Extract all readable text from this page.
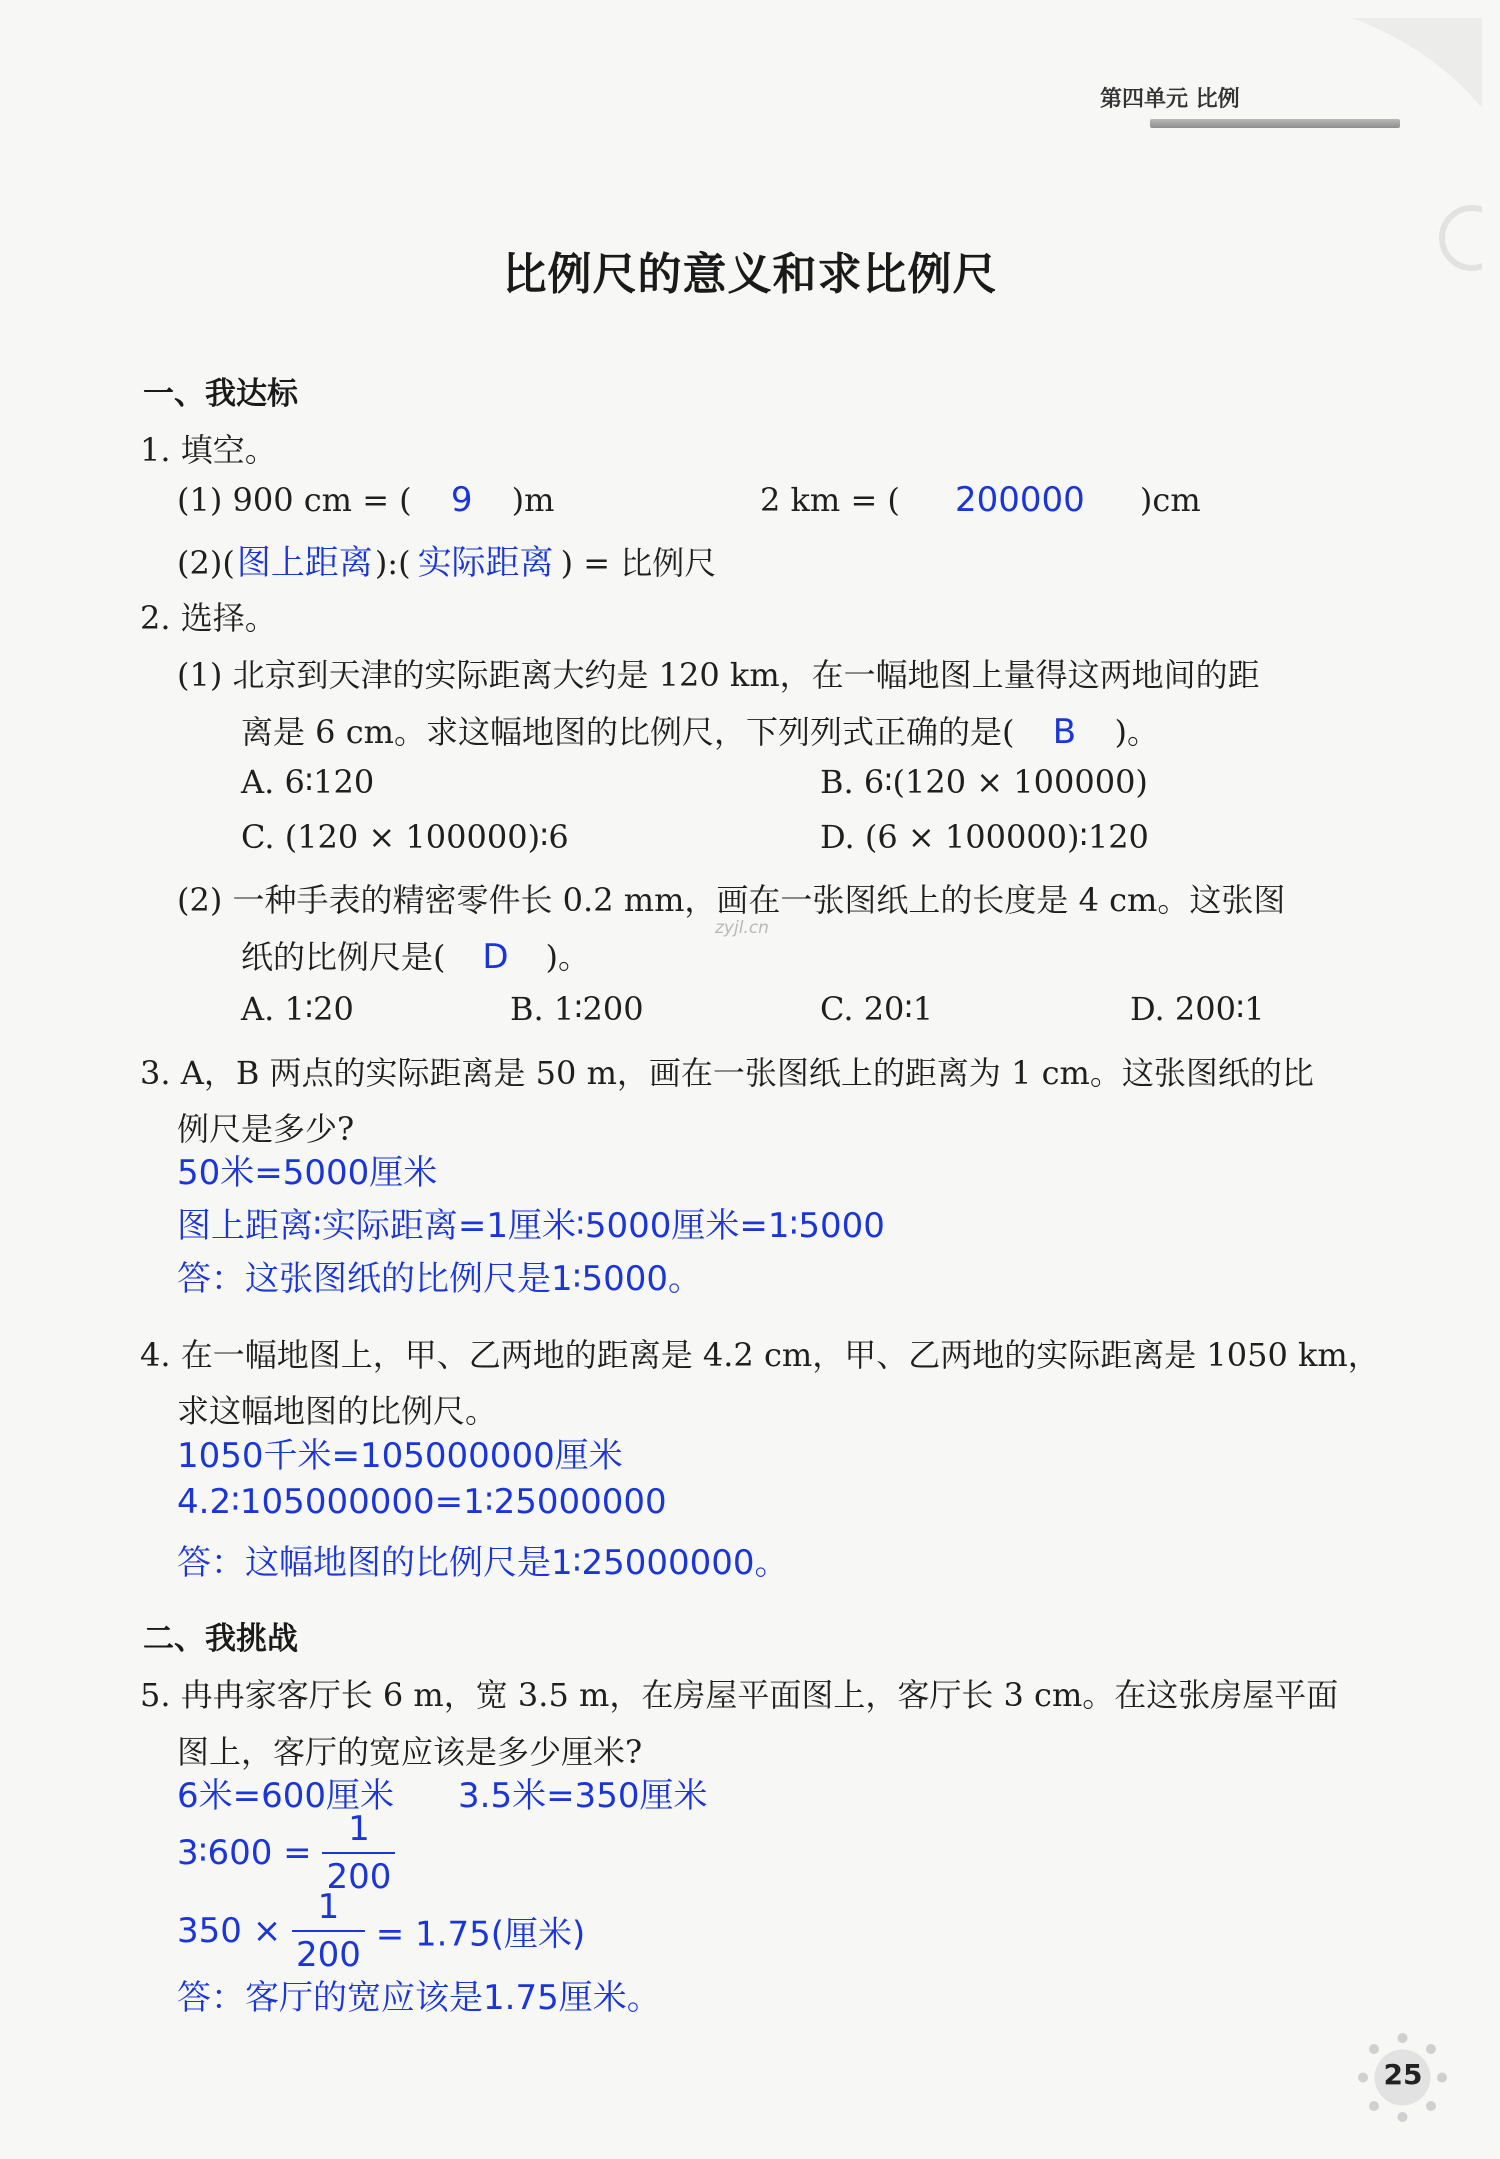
第四单元 比例
比例尺的意义和求比例尺
一、我达标
1. 填空。
(1) 900 cm = ( 9 )m	2 km = ( 200000 )cm
(2)(图上距离):( 实际距离 ) = 比例尺
2. 选择。
(1) 北京到天津的实际距离大约是 120 km，在一幅地图上量得这两地间的距
离是 6 cm。求这幅地图的比例尺，下列列式正确的是( B )。
A. 6∶120	B. 6∶(120 × 100000)
C. (120 × 100000)∶6	D. (6 × 100000)∶120
(2) 一种手表的精密零件长 0.2 mm，画在一张图纸上的长度是 4 cm。这张图
纸的比例尺是( D )。
zyjl.cn
A. 1∶20	B. 1∶200	C. 20∶1	D. 200∶1
3. A，B 两点的实际距离是 50 m，画在一张图纸上的距离为 1 cm。这张图纸的比
例尺是多少?
50米=5000厘米
图上距离∶实际距离=1厘米∶5000厘米=1∶5000
答：这张图纸的比例尺是1∶5000。
4. 在一幅地图上，甲、乙两地的距离是 4.2 cm，甲、乙两地的实际距离是 1050 km，
求这幅地图的比例尺。
1050千米=105000000厘米
4.2∶105000000=1∶25000000
答：这幅地图的比例尺是1∶25000000。
二、我挑战
5. 冉冉家客厅长 6 m，宽 3.5 m，在房屋平面图上，客厅长 3 cm。在这张房屋平面
图上，客厅的宽应该是多少厘米?
6米=600厘米 3.5米=350厘米
3∶600 = $\frac{1}{200}$
$350 \times \frac{1}{200} = 1.75$(厘米)
答：客厅的宽应该是1.75厘米。
25
